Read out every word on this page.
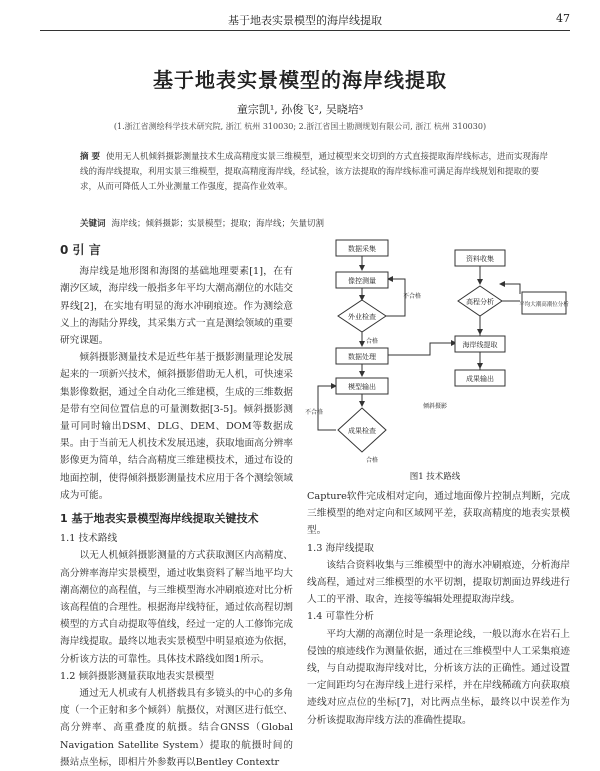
基于地表实景模型的海岸线提取	47
基于地表实景模型的海岸线提取
童宗凯¹, 孙俊飞², 吴晓培³
(1.浙江省测绘科学技术研究院, 浙江 杭州 310030; 2.浙江省国土勘测规划有限公司, 浙江 杭州 310030)
摘 要 使用无人机倾斜摄影测量技术生成高精度实景三维模型，通过模型来交切到的方式直接提取海岸线标志，进而实现海岸线的海岸线提取，利用实景三维模型，提取高精度海岸线，经试验，该方法提取的海岸线标准可满足海岸线规划和提取的要求，从而可降低人工外业测量工作强度，提高作业效率。
关键词 海岸线；倾斜摄影；实景模型；提取；海岸线；矢量切割
0 引 言

海岸线是地形图和海图的基础地理要素[1]，在有潮汐区域，海岸线一般指多年平均大潮高潮位的水陆交界线[2]，在实地有明显的海水冲刷痕迹。作为测绘意义上的海陆分界线，其采集方式一直是测绘领域的重要研究课题。

倾斜摄影测量技术是近些年基于摄影测量理论发展起来的一项新兴技术，倾斜摄影借助无人机，可快速采集影像数据，通过全自动化三维建模，生成的三维数据是带有空间位置信息的可量测数据[3-5]。倾斜摄影测量可同时输出DSM、DLG、DEM、DOM等数据成果。由于当前无人机技术发展迅速，获取地面高分辨率影像更为简单，结合高精度三维建模技术，通过布设的地面控制，使得倾斜摄影测量技术应用于各个测绘领域成为可能。

1 基于地表实景模型海岸线提取关键技术
1.1 技术路线

以无人机倾斜摄影测量的方式获取测区内高精度、高分辨率海岸实景模型，通过收集资料了解当地平均大潮高潮位的高程值，与三维模型海水冲刷痕迹对比分析该高程值的合理性。根据海岸线特征，通过依高程切割模型的方式自动提取等值线，经过一定的人工修饰完成海岸线提取。最终以地表实景模型中明显痕迹为依据，分析该方法的可靠性。具体技术路线如图1所示。

1.2 倾斜摄影测量获取地表实景模型

通过无人机或有人机搭载具有多镜头的中心的多角度（一个正射和多个倾斜）航摄仪，对测区进行低空、高分辨率、高重叠度的航摄。结合GNSS（Global Navigation Satellite System）提取的航摄时间的摄站点坐标，即相片外参数再以Bentley Contextr

数据采集
像控测量
外业检查
数据处理
模型输出
成果检查
资料收集
高程分析	平均大潮高潮位分析
海岸线提取
成果输出
不合格
合格
不合格
合格
倾斜摄影
图1 技术路线

Capture软件完成相对定向，通过地面像片控制点判断，完成三维模型的绝对定向和区域网平差，获取高精度的地表实景模型。

1.3 海岸线提取

该结合资料收集与三维模型中的海水冲刷痕迹，分析海岸线高程，通过对三维模型的水平切割，提取切割面边界线进行人工的平滑、取舍，连接等编辑处理提取海岸线。

1.4 可靠性分析

平均大潮的高潮位时是一条理论线，一般以海水在岩石上侵蚀的痕迹线作为测量依据，通过在三维模型中人工采集痕迹线，与自动提取海岸线对比，分析该方法的正确性。通过设置一定间距均匀在海岸线上进行采样，并在岸线稀疏方向获取痕迹线对应点位的坐标[7]，对比两点坐标，最终以中误差作为分析该提取海岸线方法的准确性提取。
